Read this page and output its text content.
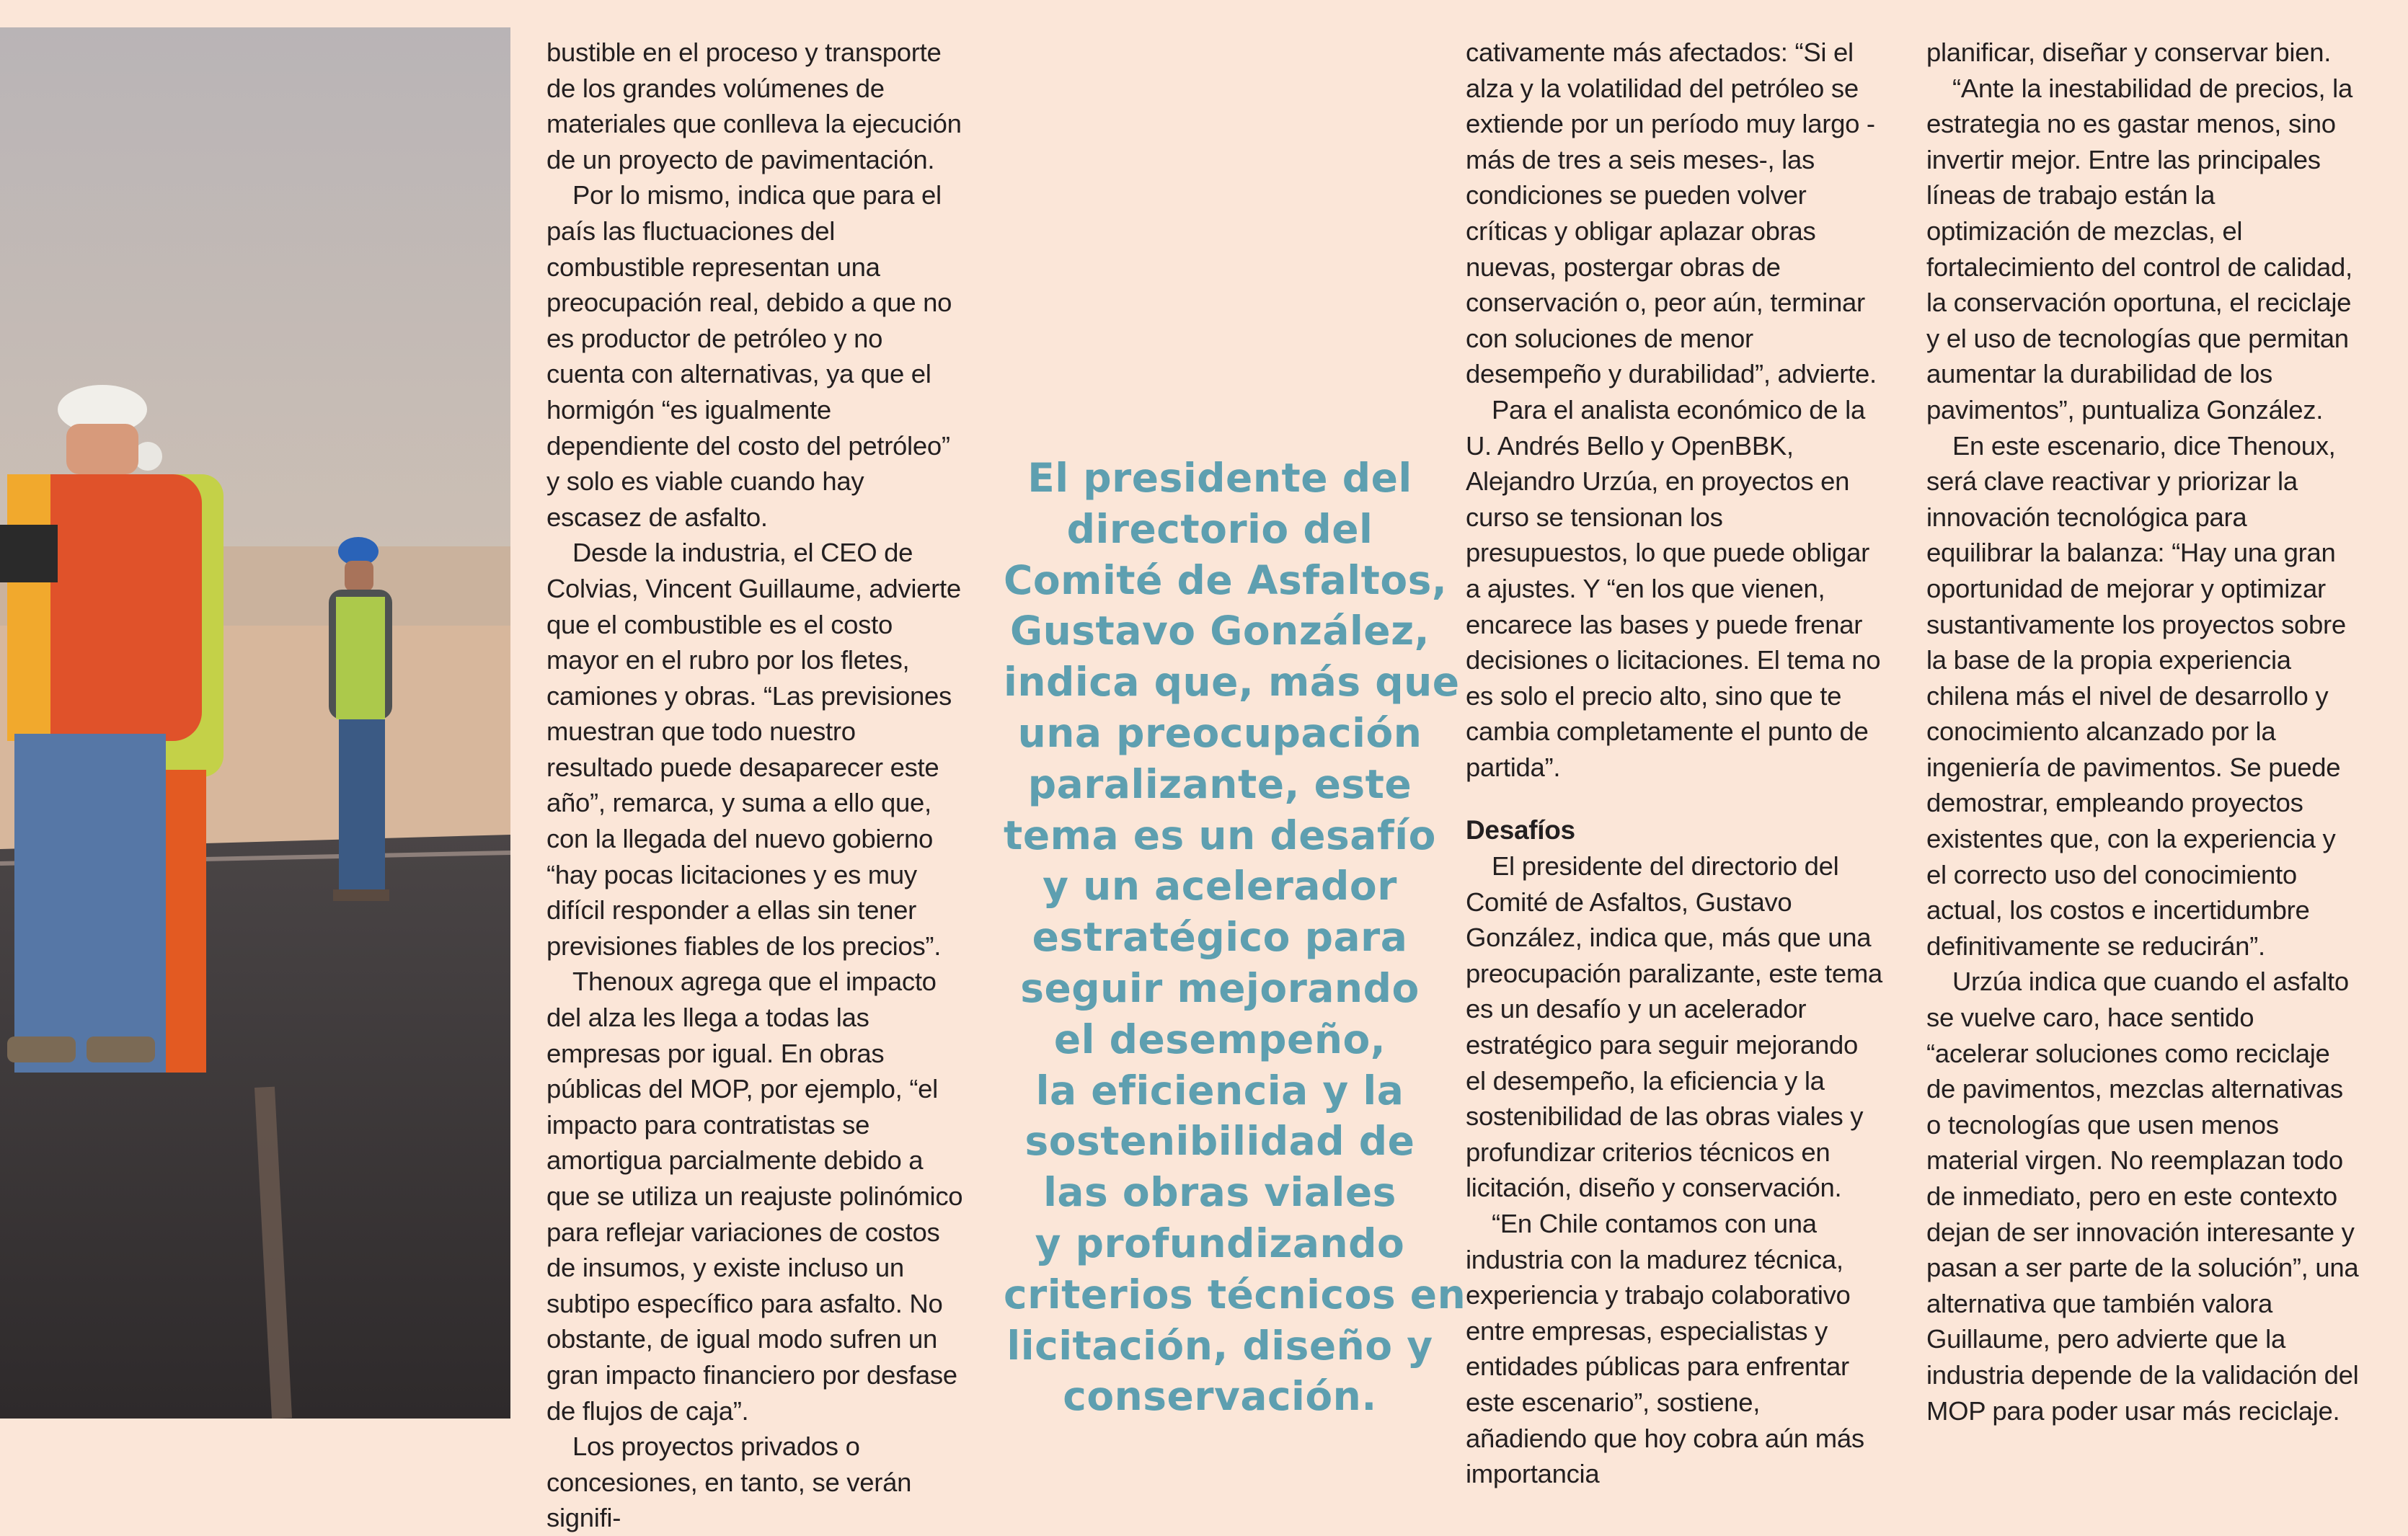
bustible en el proceso y transporte de los grandes volúmenes de materiales que conlleva la ejecución de un proyecto de pavimentación.

Por lo mismo, indica que para el país las fluctuaciones del combustible representan una preocupación real, debido a que no es productor de petróleo y no cuenta con alternativas, ya que el hormigón “es igualmente dependiente del costo del petróleo” y solo es viable cuando hay escasez de asfalto.

Desde la industria, el CEO de Colvias, Vincent Guillaume, advierte que el combustible es el costo mayor en el rubro por los fletes, camiones y obras. “Las previsiones muestran que todo nuestro resultado puede desaparecer este año”, remarca, y suma a ello que, con la llegada del nuevo gobierno “hay pocas licitaciones y es muy difícil responder a ellas sin tener previsiones fiables de los precios”.

Thenoux agrega que el impacto del alza les llega a todas las empresas por igual. En obras públicas del MOP, por ejemplo, “el impacto para contratistas se amortigua parcialmente debido a que se utiliza un reajuste polinómico para reflejar variaciones de costos de insumos, y existe incluso un subtipo específico para asfalto. No obstante, de igual modo sufren un gran impacto financiero por desfase de flujos de caja”.

Los proyectos privados o concesiones, en tanto, se verán signifi-

El presidente del
directorio del
Comité de Asfaltos,
Gustavo González,
indica que, más que
una preocupación
paralizante, este
tema es un desafío
y un acelerador
estratégico para
seguir mejorando
el desempeño,
la eficiencia y la
sostenibilidad de
las obras viales
y profundizando
criterios técnicos en
licitación, diseño y
conservación.

cativamente más afectados: “Si el alza y la volatilidad del petróleo se extiende por un período muy largo -más de tres a seis meses-, las condiciones se pueden volver críticas y obligar aplazar obras nuevas, postergar obras de conservación o, peor aún, terminar con soluciones de menor desempeño y durabilidad”, advierte.

Para el analista económico de la U. Andrés Bello y OpenBBK, Alejandro Urzúa, en proyectos en curso se tensionan los presupuestos, lo que puede obligar a ajustes. Y “en los que vienen, encarece las bases y puede frenar decisiones o licitaciones. El tema no es solo el precio alto, sino que te cambia completamente el punto de partida”.

Desafíos

El presidente del directorio del Comité de Asfaltos, Gustavo González, indica que, más que una preocupación paralizante, este tema es un desafío y un acelerador estratégico para seguir mejorando el desempeño, la eficiencia y la sostenibilidad de las obras viales y profundizar criterios técnicos en licitación, diseño y conservación.

“En Chile contamos con una industria con la madurez técnica, experiencia y trabajo colaborativo entre empresas, especialistas y entidades públicas para enfrentar este escenario”, sostiene, añadiendo que hoy cobra aún más importancia

planificar, diseñar y conservar bien.

“Ante la inestabilidad de precios, la estrategia no es gastar menos, sino invertir mejor. Entre las principales líneas de trabajo están la optimización de mezclas, el fortalecimiento del control de calidad, la conservación oportuna, el reciclaje y el uso de tecnologías que permitan aumentar la durabilidad de los pavimentos”, puntualiza González.

En este escenario, dice Thenoux, será clave reactivar y priorizar la innovación tecnológica para equilibrar la balanza: “Hay una gran oportunidad de mejorar y optimizar sustantivamente los proyectos sobre la base de la propia experiencia chilena más el nivel de desarrollo y conocimiento alcanzado por la ingeniería de pavimentos. Se puede demostrar, empleando proyectos existentes que, con la experiencia y el correcto uso del conocimiento actual, los costos e incertidumbre definitivamente se reducirán”.

Urzúa indica que cuando el asfalto se vuelve caro, hace sentido “acelerar soluciones como reciclaje de pavimentos, mezclas alternativas o tecnologías que usen menos material virgen. No reemplazan todo de inmediato, pero en este contexto dejan de ser innovación interesante y pasan a ser parte de la solución”, una alternativa que también valora Guillaume, pero advierte que la industria depende de la validación del MOP para poder usar más reciclaje.
